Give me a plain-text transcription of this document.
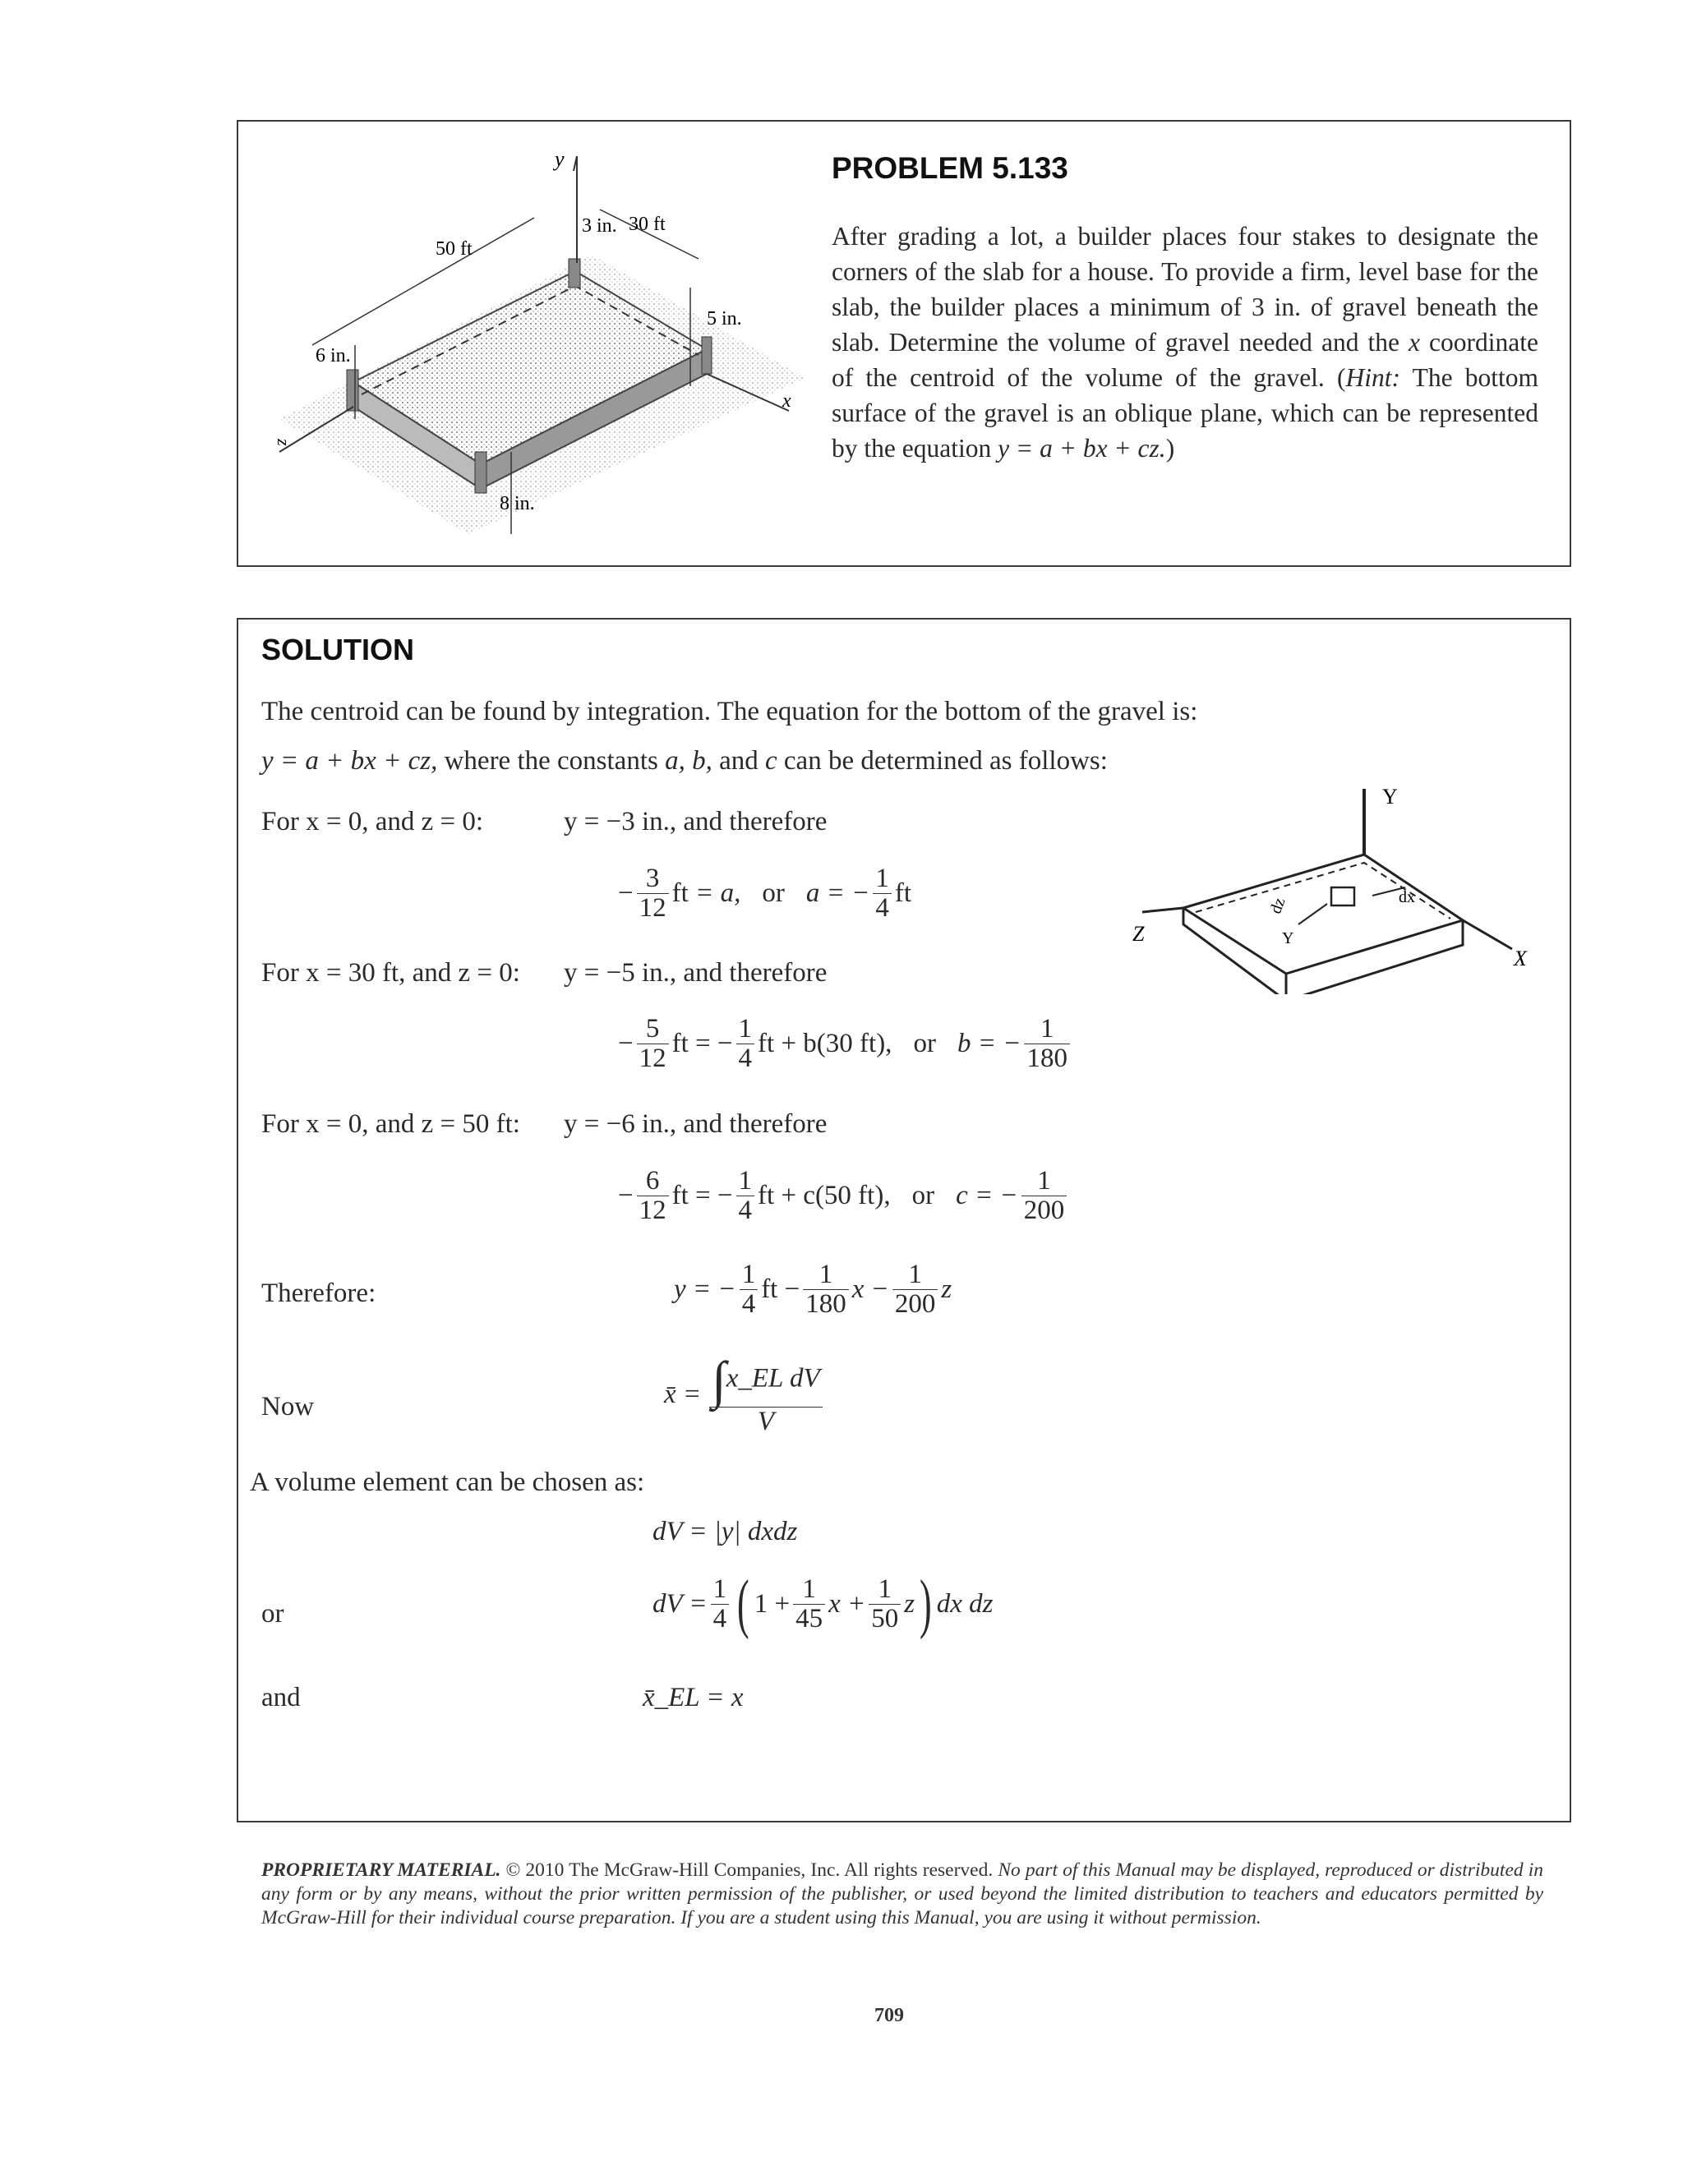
y
x
z
50 ft
30 ft
3 in.
5 in.
6 in.
8 in.
PROBLEM 5.133
After grading a lot, a builder places four stakes to designate the corners of the slab for a house. To provide a firm, level base for the slab, the builder places a minimum of 3 in. of gravel beneath the slab. Determine the volume of gravel needed and the x coordinate of the centroid of the volume of the gravel. (Hint: The bottom surface of the gravel is an oblique plane, which can be represented by the equation y = a + bx + cz.)
SOLUTION
The centroid can be found by integration. The equation for the bottom of the gravel is:
y = a + bx + cz, where the constants a, b, and c can be determined as follows:
For x = 0, and z = 0:	y = −3 in., and therefore
− $\frac{3}{12}$ ft
= a, or a = − $\frac{1}{4}$ ft
For x = 30 ft, and z = 0: y = −5 in., and therefore
− $\frac{5}{12}$ ft
= − $\frac{1}{4}$ ft + b(30 ft), or b = − $\frac{1}{180}$
For x = 0, and z = 50 ft: y = −6 in., and therefore
− $\frac{6}{12}$ ft
= − $\frac{1}{4}$ ft + c(50 ft), or c = − $\frac{1}{200}$
Therefore:	y = − $\frac{1}{4}$ ft − $\frac{1}{180}$ $x - \frac{1}{200}$ z
Now	x̄ = $\frac{\text{∫x\_EL dV}}{V}$
A volume element can be chosen as:
dV = |y| dxdz
or	dV = $\frac{1}{4}$ ( $1 + \frac{1}{45}$ $x + \frac{1}{50}$ z ) dx dz
and	x̄_EL = x
Y
Z
X
dz	dx
Y
PROPRIETARY MATERIAL. © 2010 The McGraw-Hill Companies, Inc. All rights reserved. No part of this Manual may be displayed, reproduced or distributed in any form or by any means, without the prior written permission of the publisher, or used beyond the limited distribution to teachers and educators permitted by McGraw-Hill for their individual course preparation. If you are a student using this Manual, you are using it without permission.
709
